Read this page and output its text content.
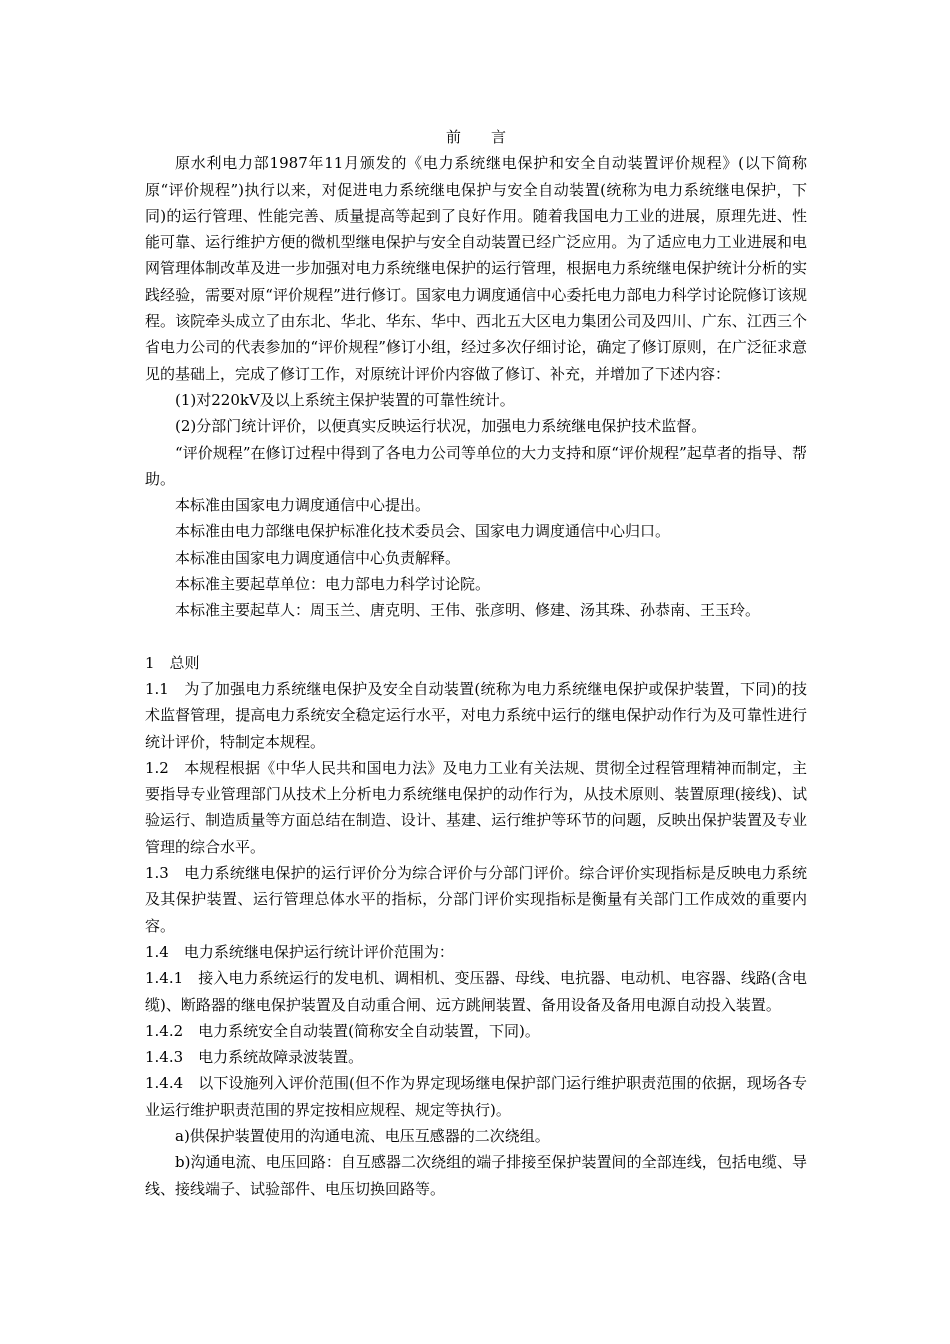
前言

原水利电力部1987年11月颁发的《电力系统继电保护和安全自动装置评价规程》(以下简称原“评价规程”)执行以来，对促进电力系统继电保护与安全自动装置(统称为电力系统继电保护，下同)的运行管理、性能完善、质量提高等起到了良好作用。随着我国电力工业的进展，原理先进、性能可靠、运行维护方便的微机型继电保护与安全自动装置已经广泛应用。为了适应电力工业进展和电网管理体制改革及进一步加强对电力系统继电保护的运行管理，根据电力系统继电保护统计分析的实践经验，需要对原“评价规程”进行修订。国家电力调度通信中心委托电力部电力科学讨论院修订该规程。该院牵头成立了由东北、华北、华东、华中、西北五大区电力集团公司及四川、广东、江西三个省电力公司的代表参加的“评价规程”修订小组，经过多次仔细讨论，确定了修订原则，在广泛征求意见的基础上，完成了修订工作，对原统计评价内容做了修订、补充，并增加了下述内容：

(1)对220kV及以上系统主保护装置的可靠性统计。

(2)分部门统计评价，以便真实反映运行状况，加强电力系统继电保护技术监督。

“评价规程”在修订过程中得到了各电力公司等单位的大力支持和原“评价规程”起草者的指导、帮助。

本标准由国家电力调度通信中心提出。

本标准由电力部继电保护标准化技术委员会、国家电力调度通信中心归口。

本标准由国家电力调度通信中心负责解释。

本标准主要起草单位：电力部电力科学讨论院。

本标准主要起草人：周玉兰、唐克明、王伟、张彦明、修建、汤其珠、孙恭南、王玉玲。

1　总则

1.1　为了加强电力系统继电保护及安全自动装置(统称为电力系统继电保护或保护装置，下同)的技术监督管理，提高电力系统安全稳定运行水平，对电力系统中运行的继电保护动作行为及可靠性进行统计评价，特制定本规程。

1.2　本规程根据《中华人民共和国电力法》及电力工业有关法规、贯彻全过程管理精神而制定，主要指导专业管理部门从技术上分析电力系统继电保护的动作行为，从技术原则、装置原理(接线)、试验运行、制造质量等方面总结在制造、设计、基建、运行维护等环节的问题，反映出保护装置及专业管理的综合水平。

1.3　电力系统继电保护的运行评价分为综合评价与分部门评价。综合评价实现指标是反映电力系统及其保护装置、运行管理总体水平的指标，分部门评价实现指标是衡量有关部门工作成效的重要内容。

1.4　电力系统继电保护运行统计评价范围为：

1.4.1　接入电力系统运行的发电机、调相机、变压器、母线、电抗器、电动机、电容器、线路(含电缆)、断路器的继电保护装置及自动重合闸、远方跳闸装置、备用设备及备用电源自动投入装置。

1.4.2　电力系统安全自动装置(简称安全自动装置，下同)。

1.4.3　电力系统故障录波装置。

1.4.4　以下设施列入评价范围(但不作为界定现场继电保护部门运行维护职责范围的依据，现场各专业运行维护职责范围的界定按相应规程、规定等执行)。

a)供保护装置使用的沟通电流、电压互感器的二次绕组。

b)沟通电流、电压回路：自互感器二次绕组的端子排接至保护装置间的全部连线，包括电缆、导线、接线端子、试验部件、电压切换回路等。
